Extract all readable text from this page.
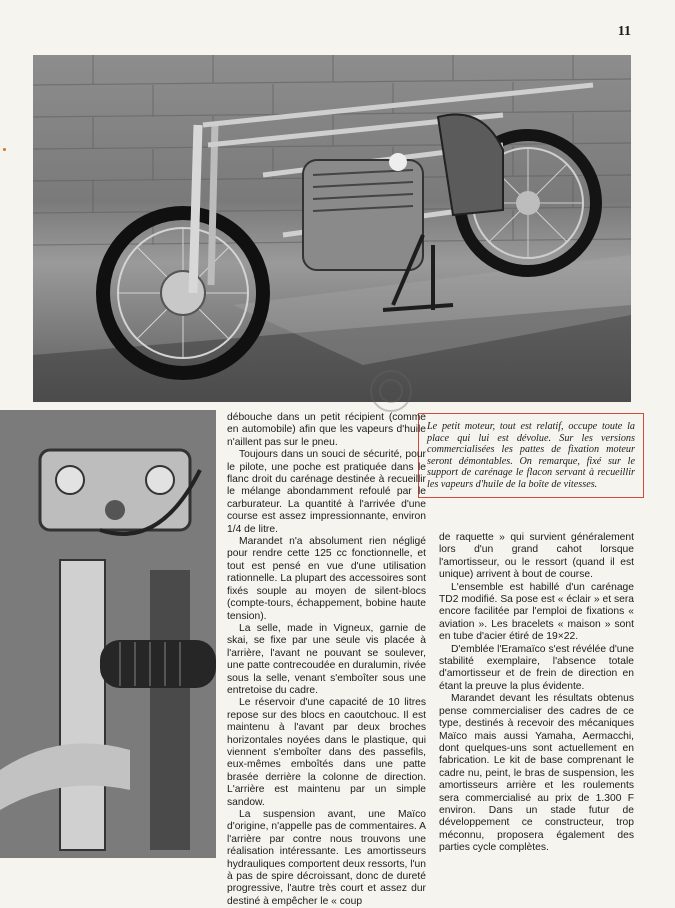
11
Le petit moteur, tout est relatif, occupe toute la place qui lui est dévolue. Sur les versions commercialisées les pattes de fixation moteur seront démontables. On remarque, fixé sur le support de carénage le flacon servant à recueillir les vapeurs d'huile de la boîte de vitesses.

débouche dans un petit récipient (comme en automobile) afin que les vapeurs d'huile n'aillent pas sur le pneu.

Toujours dans un souci de sécurité, pour le pilote, une poche est pratiquée dans le flanc droit du carénage destinée à recueillir le mélange abondamment refoulé par le carburateur. La quantité à l'arrivée d'une course est assez impressionnante, environ 1/4 de litre.

Marandet n'a absolument rien négligé pour rendre cette 125 cc fonctionnelle, et tout est pensé en vue d'une utilisation rationnelle. La plupart des accessoires sont fixés souple au moyen de silent-blocs (compte-tours, échappement, bobine haute tension).

La selle, made in Vigneux, garnie de skai, se fixe par une seule vis placée à l'arrière, l'avant ne pouvant se soulever, une patte contrecoudée en duralumin, rivée sous la selle, venant s'emboîter sous une entretoise du cadre.

Le réservoir d'une capacité de 10 litres repose sur des blocs en caoutchouc. Il est maintenu à l'avant par deux broches horizontales noyées dans le plastique, qui viennent s'emboîter dans des passefils, eux-mêmes emboîtés dans une patte brasée derrière la colonne de direction. L'arrière est maintenu par un simple sandow.

La suspension avant, une Maïco d'origine, n'appelle pas de commentaires. A l'arrière par contre nous trouvons une réalisation intéressante. Les amortisseurs hydrauliques comportent deux ressorts, l'un à pas de spire décroissant, donc de dureté progressive, l'autre très court et assez dur destiné à empêcher le « coup

de raquette » qui survient généralement lors d'un grand cahot lorsque l'amortisseur, ou le ressort (quand il est unique) arrivent à bout de course.

L'ensemble est habillé d'un carénage TD2 modifié. Sa pose est « éclair » et sera encore facilitée par l'emploi de fixations « aviation ». Les bracelets « maison » sont en tube d'acier étiré de 19×22.

D'emblée l'Eramaïco s'est révélée d'une stabilité exemplaire, l'absence totale d'amortisseur et de frein de direction en étant la preuve la plus évidente.

Marandet devant les résultats obtenus pense commercialiser des cadres de ce type, destinés à recevoir des mécaniques Maïco mais aussi Yamaha, Aermacchi, dont quelques-uns sont actuellement en fabrication. Le kit de base comprenant le cadre nu, peint, le bras de suspension, les amortisseurs arrière et les roulements sera commercialisé au prix de 1.300 F environ. Dans un stade futur de développement ce constructeur, trop méconnu, proposera également des parties cycle complètes.
